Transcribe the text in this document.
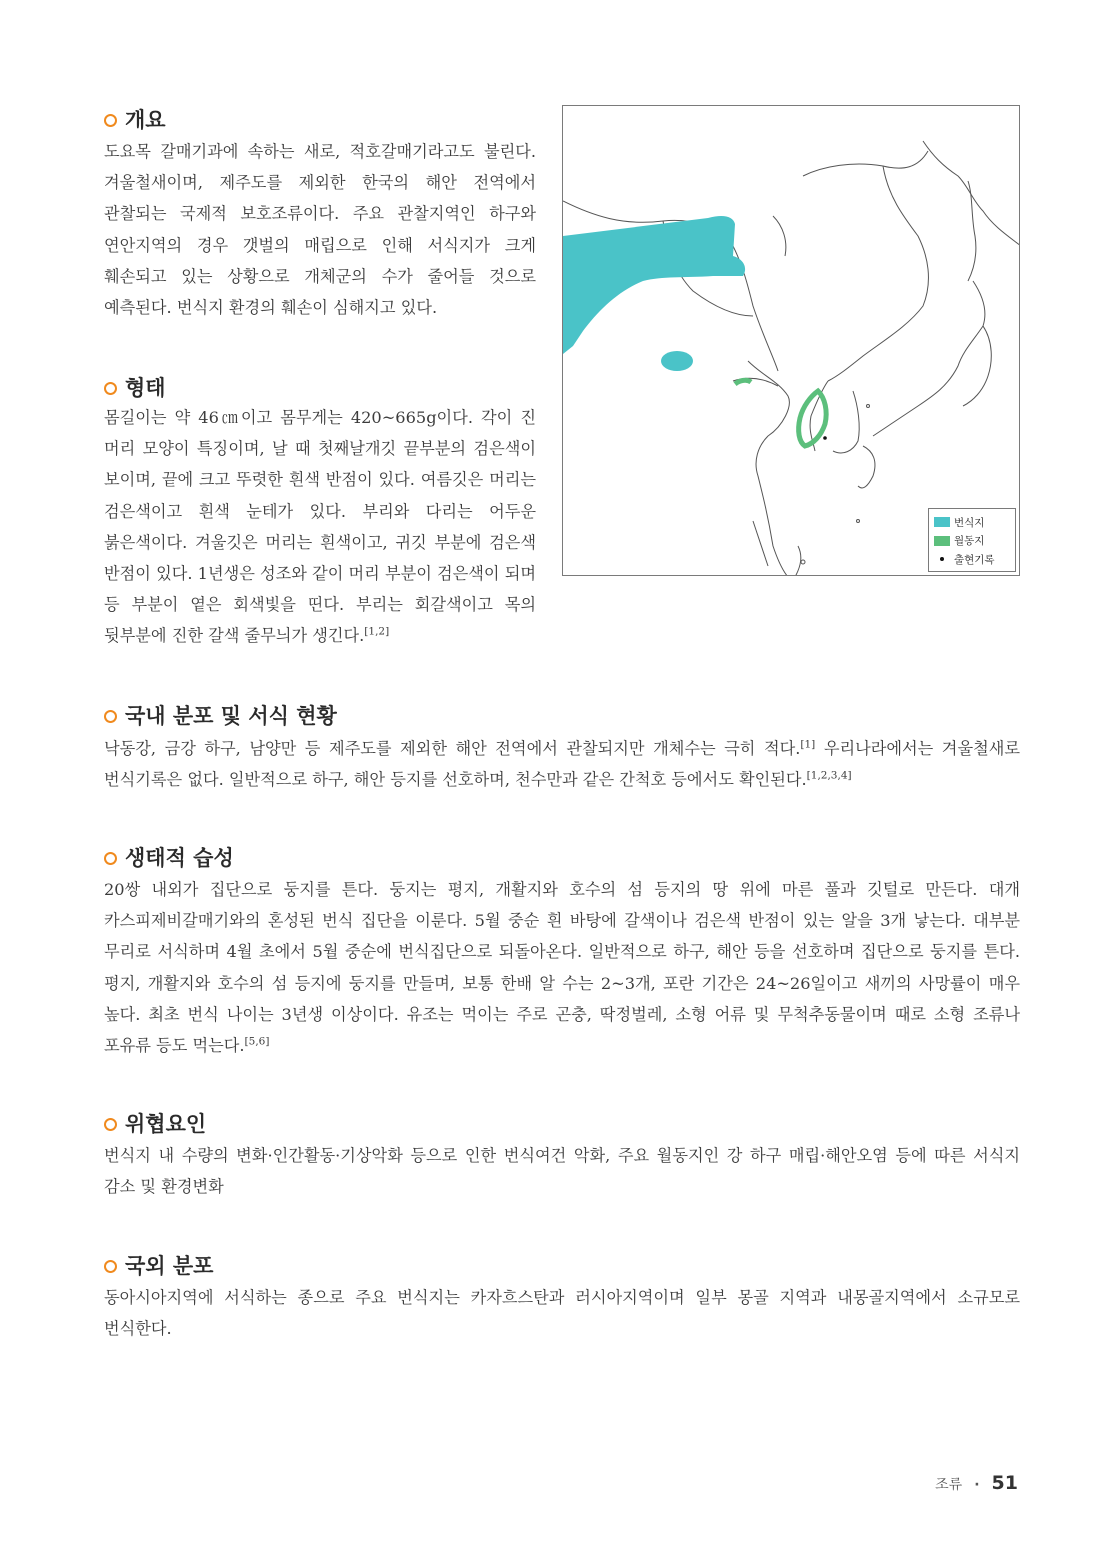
개요

도요목 갈매기과에 속하는 새로, 적호갈매기라고도 불린다. 겨울철새이며, 제주도를 제외한 한국의 해안 전역에서 관찰되는 국제적 보호조류이다. 주요 관찰지역인 하구와 연안지역의 경우 갯벌의 매립으로 인해 서식지가 크게 훼손되고 있는 상황으로 개체군의 수가 줄어들 것으로 예측된다. 번식지 환경의 훼손이 심해지고 있다.

형태

몸길이는 약 46㎝이고 몸무게는 420~665g이다. 각이 진 머리 모양이 특징이며, 날 때 첫째날개깃 끝부분의 검은색이 보이며, 끝에 크고 뚜렷한 흰색 반점이 있다. 여름깃은 머리는 검은색이고 흰색 눈테가 있다. 부리와 다리는 어두운 붉은색이다. 겨울깃은 머리는 흰색이고, 귀깃 부분에 검은색 반점이 있다. 1년생은 성조와 같이 머리 부분이 검은색이 되며 등 부분이 옅은 회색빛을 띤다. 부리는 회갈색이고 목의 뒷부분에 진한 갈색 줄무늬가 생긴다.[1,2]

번식지
월동지
출현기록
국내 분포 및 서식 현황

낙동강, 금강 하구, 남양만 등 제주도를 제외한 해안 전역에서 관찰되지만 개체수는 극히 적다.[1] 우리나라에서는 겨울철새로 번식기록은 없다. 일반적으로 하구, 해안 등지를 선호하며, 천수만과 같은 간척호 등에서도 확인된다.[1,2,3,4]

생태적 습성

20쌍 내외가 집단으로 둥지를 튼다. 둥지는 평지, 개활지와 호수의 섬 등지의 땅 위에 마른 풀과 깃털로 만든다. 대개 카스피제비갈매기와의 혼성된 번식 집단을 이룬다. 5월 중순 흰 바탕에 갈색이나 검은색 반점이 있는 알을 3개 낳는다. 대부분 무리로 서식하며 4월 초에서 5월 중순에 번식집단으로 되돌아온다. 일반적으로 하구, 해안 등을 선호하며 집단으로 둥지를 튼다. 평지, 개활지와 호수의 섬 등지에 둥지를 만들며, 보통 한배 알 수는 2~3개, 포란 기간은 24~26일이고 새끼의 사망률이 매우 높다. 최초 번식 나이는 3년생 이상이다. 유조는 먹이는 주로 곤충, 딱정벌레, 소형 어류 및 무척추동물이며 때로 소형 조류나 포유류 등도 먹는다.[5,6]

위협요인

번식지 내 수량의 변화·인간활동·기상악화 등으로 인한 번식여건 악화, 주요 월동지인 강 하구 매립·해안오염 등에 따른 서식지 감소 및 환경변화

국외 분포

동아시아지역에 서식하는 종으로 주요 번식지는 카자흐스탄과 러시아지역이며 일부 몽골 지역과 내몽골지역에서 소규모로 번식한다.

조류 · 51
